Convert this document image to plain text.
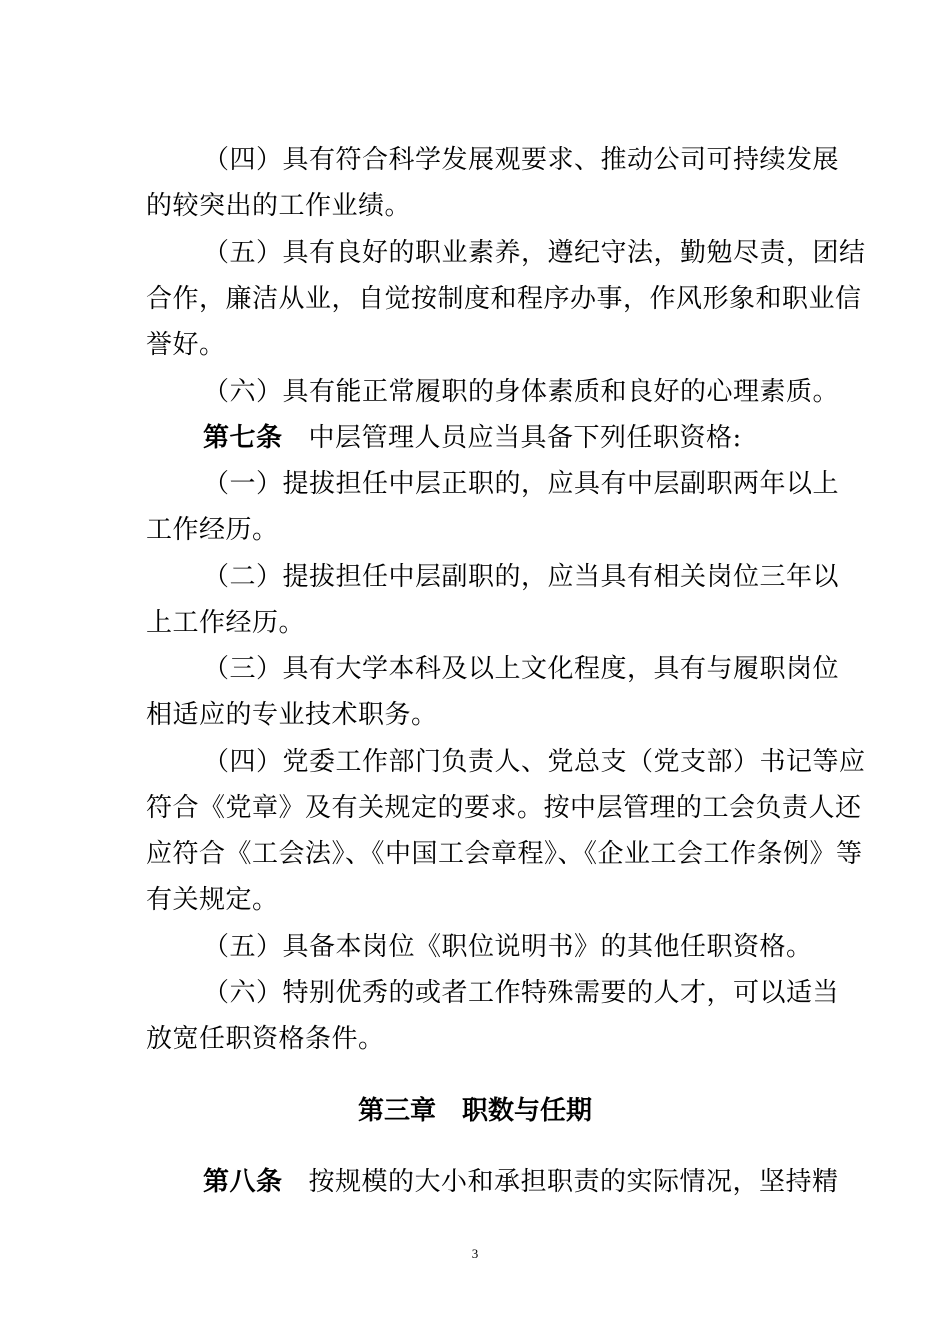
（四）具有符合科学发展观要求、推动公司可持续发展
的较突出的工作业绩。
（五）具有良好的职业素养，遵纪守法，勤勉尽责，团结
合作，廉洁从业，自觉按制度和程序办事，作风形象和职业信
誉好。
（六）具有能正常履职的身体素质和良好的心理素质。
第七条 中层管理人员应当具备下列任职资格:
（一）提拔担任中层正职的，应具有中层副职两年以上
工作经历。
（二）提拔担任中层副职的，应当具有相关岗位三年以
上工作经历。
（三）具有大学本科及以上文化程度，具有与履职岗位
相适应的专业技术职务。
（四）党委工作部门负责人、党总支（党支部）书记等应
符合《党章》及有关规定的要求。按中层管理的工会负责人还
应符合《工会法》、《中国工会章程》、《企业工会工作条例》等
有关规定。
（五）具备本岗位《职位说明书》的其他任职资格。
（六）特别优秀的或者工作特殊需要的人才，可以适当
放宽任职资格条件。
第三章　职数与任期
第八条 按规模的大小和承担职责的实际情况，坚持精
3
